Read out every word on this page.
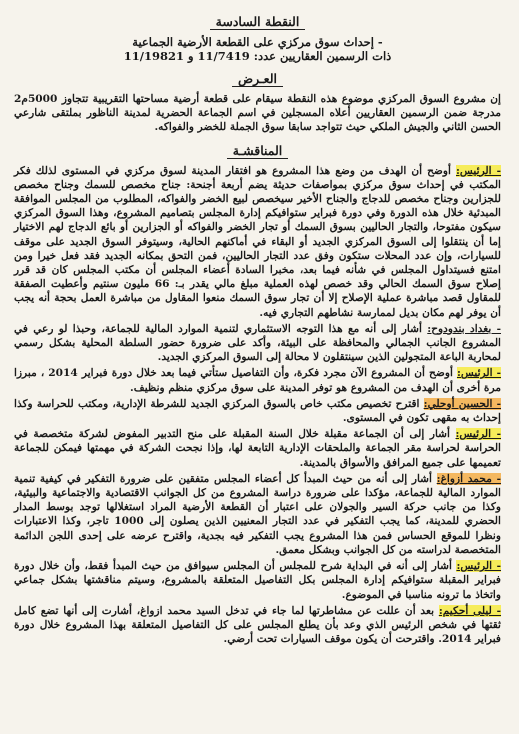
النقطة السادسة
- إحداث سوق مركزي على القطعة الأرضية الجماعية
ذات الرسمين العقاريين عدد: 11/7419 و 11/19821
العـرض

إن مشروع السوق المركزي موضوع هذه النقطة سيقام على قطعة أرضية مساحتها التقريبية تتجاوز 5000م2 مدرجة ضمن الرسمين العقاريين أعلاه المسجلين في اسم الجماعة الحضرية لمدينة الناظور بملتقى شارعي الحسن الثاني والجيش الملكي حيث تتواجد سابقا سوق الجملة للخضر والفواكه.

المناقشـة

- الرئيس: أوضح أن الهدف من وضع هذا المشروع هو افتقار المدينة لسوق مركزي في المستوى لذلك فكر المكتب في إحداث سوق مركزي بمواصفات حديثة يضم أربعة أجنحة: جناح مخصص للسمك وجناح مخصص للجزارين وجناح مخصص للدجاج والجناح الأخير سيخصص لبيع الخضر والفواكه، المطلوب من المجلس الموافقة المبدئية خلال هذه الدورة وفي دورة فبراير ستوافيكم إدارة المجلس بتصاميم المشروع، وهذا السوق المركزي سيكون مفتوحا، والتجار الحاليين بسوق السمك أو تجار الخضر والفواكه أو الجزارين أو بائع الدجاج لهم الاختيار إما أن ينتقلوا إلى السوق المركزي الجديد أو البقاء في أماكنهم الحالية، وسيتوفر السوق الجديد على موقف للسيارات، وإن عدد المحلات ستكون وفق عدد التجار الحاليين، فمن التحق بمكانه الجديد فقد فعل خيرا ومن امتنع فسيتداول المجلس في شأنه فيما بعد، مخبرا السادة أعضاء المجلس أن مكتب المجلس كان قد قرر إصلاح سوق السمك الحالي وقد خصص لهذه العملية مبلغ مالي يقدر بـ: 66 مليون سنتيم وأعطيت الصفقة للمقاول قصد مباشرة عملية الإصلاح إلا أن تجار سوق السمك منعوا المقاول من مباشرة العمل بحجة أنه يجب أن يوفر لهم مكان بديل لممارسة نشاطهم التجاري فيه.

- بغداد بندودوح: أشار إلى أنه مع هذا التوجه الاستثماري لتنمية الموارد المالية للجماعة، وحبذا لو رعي في المشروع الجانب الجمالي والمحافظة على البيئة، وأكد على ضرورة حضور السلطة المحلية بشكل رسمي لمحاربة الباعة المتجولين الذين سينتقلون لا محالة إلى السوق المركزي الجديد.

- الرئيس: أوضح أن المشروع الآن مجرد فكرة، وأن التفاصيل ستأتي فيما بعد خلال دورة فبراير 2014 ، مبرزا مرة أخرى أن الهدف من المشروع هو توفر المدينة على سوق مركزي منظم ونظيف.

- الحسين أوحلي: اقترح تخصيص مكتب خاص بالسوق المركزي الجديد للشرطة الإدارية، ومكتب للحراسة وكذا إحداث به مقهى تكون في المستوى.

- الرئيس: أشار إلى أن الجماعة مقبلة خلال السنة المقبلة على منح التدبير المفوض لشركة متخصصة في الحراسة لحراسة مقر الجماعة والملحقات الإدارية التابعة لها، وإذا نجحت الشركة في مهمتها فيمكن للجماعة تعميمها على جميع المرافق والأسواق بالمدينة.

- محمد أزواغ: أشار إلى أنه من حيث المبدأ كل أعضاء المجلس متفقين على ضرورة التفكير في كيفية تنمية الموارد المالية للجماعة، مؤكدا على ضرورة دراسة المشروع من كل الجوانب الاقتصادية والاجتماعية والبيئية، وكذا من جانب حركة السير والجولان على اعتبار أن القطعة الأرضية المراد استغلالها توجد بوسط المدار الحضري للمدينة، كما يجب التفكير في عدد التجار المعنيين الذين يصلون إلى 1000 تاجر، وكذا الاعتبارات ونظرا للموقع الحساس فمن هذا المشروع يجب التفكير فيه بجدية، واقترح عرضه على إحدى اللجن الدائمة المتخصصة لدراسته من كل الجوانب وبشكل معمق.

- الرئيس: أشار إلى أنه في البداية شرح للمجلس أن المجلس سيوافق من حيث المبدأ فقط، وأن خلال دورة فبراير المقبلة ستوافيكم إدارة المجلس بكل التفاصيل المتعلقة بالمشروع، وسيتم مناقشتها بشكل جماعي واتخاذ ما ترونه مناسبا في الموضوع.

- ليلى أحكيم: بعد أن عللت عن مشاطرتها لما جاء في تدخل السيد محمد ازواغ، أشارت إلى أنها تضع كامل ثقتها في شخص الرئيس الذي وعد بأن يطلع المجلس على كل التفاصيل المتعلقة بهذا المشروع خلال دورة فبراير 2014. واقترحت أن يكون موقف السيارات تحت أرضي.
